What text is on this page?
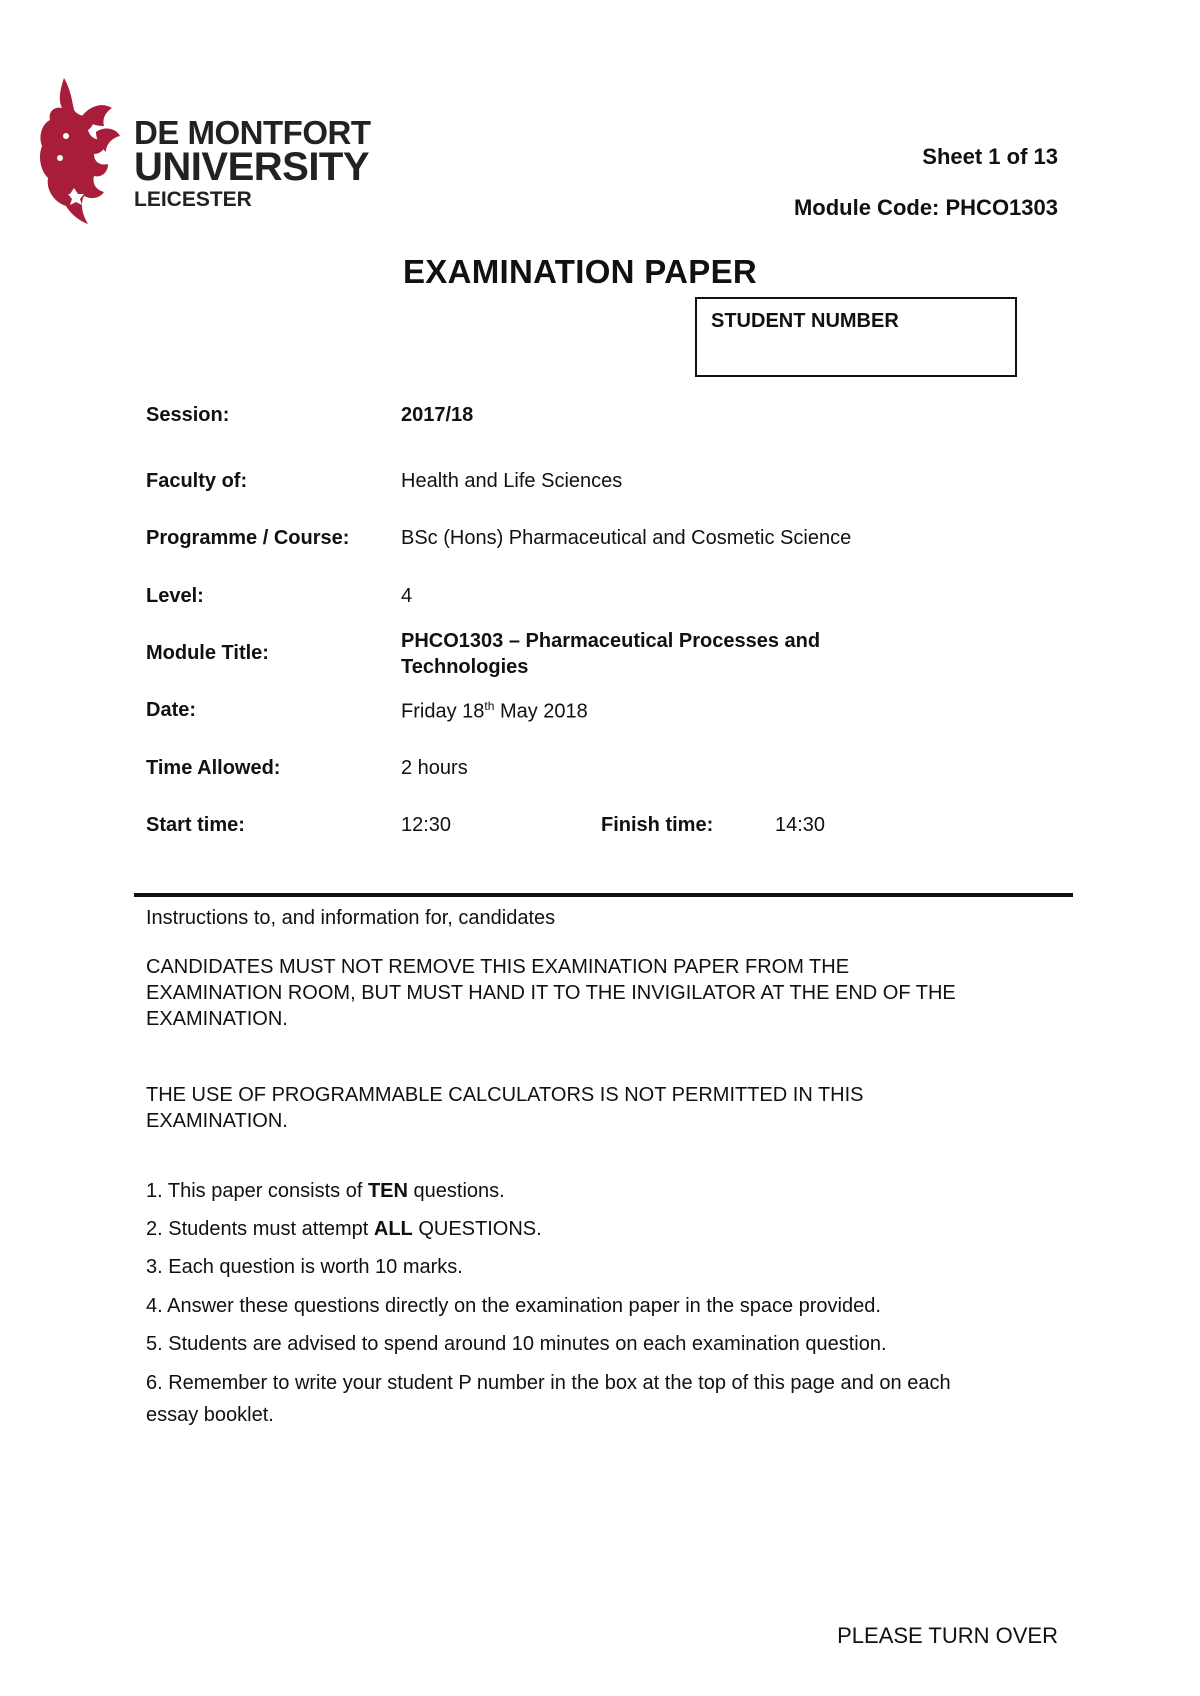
DE MONTFORT
UNIVERSITY
LEICESTER
Sheet 1 of 13
Module Code: PHCO1303
EXAMINATION PAPER
STUDENT NUMBER
Session:	2017/18
Faculty of:	Health and Life Sciences
Programme / Course:	BSc (Hons) Pharmaceutical and Cosmetic Science
Level:	4
Module Title:
PHCO1303 – Pharmaceutical Processes and
Technologies
Date:	Friday 18th May 2018
Time Allowed:	2 hours
Start time:	12:30	Finish time:	14:30
Instructions to, and information for, candidates
CANDIDATES MUST NOT REMOVE THIS EXAMINATION PAPER FROM THE
EXAMINATION ROOM, BUT MUST HAND IT TO THE INVIGILATOR AT THE END OF THE
EXAMINATION.
THE USE OF PROGRAMMABLE CALCULATORS IS NOT PERMITTED IN THIS
EXAMINATION.
1. This paper consists of TEN questions.
2. Students must attempt ALL QUESTIONS.
3. Each question is worth 10 marks.
4. Answer these questions directly on the examination paper in the space provided.
5. Students are advised to spend around 10 minutes on each examination question.
6. Remember to write your student P number in the box at the top of this page and on each
essay booklet.
PLEASE TURN OVER
